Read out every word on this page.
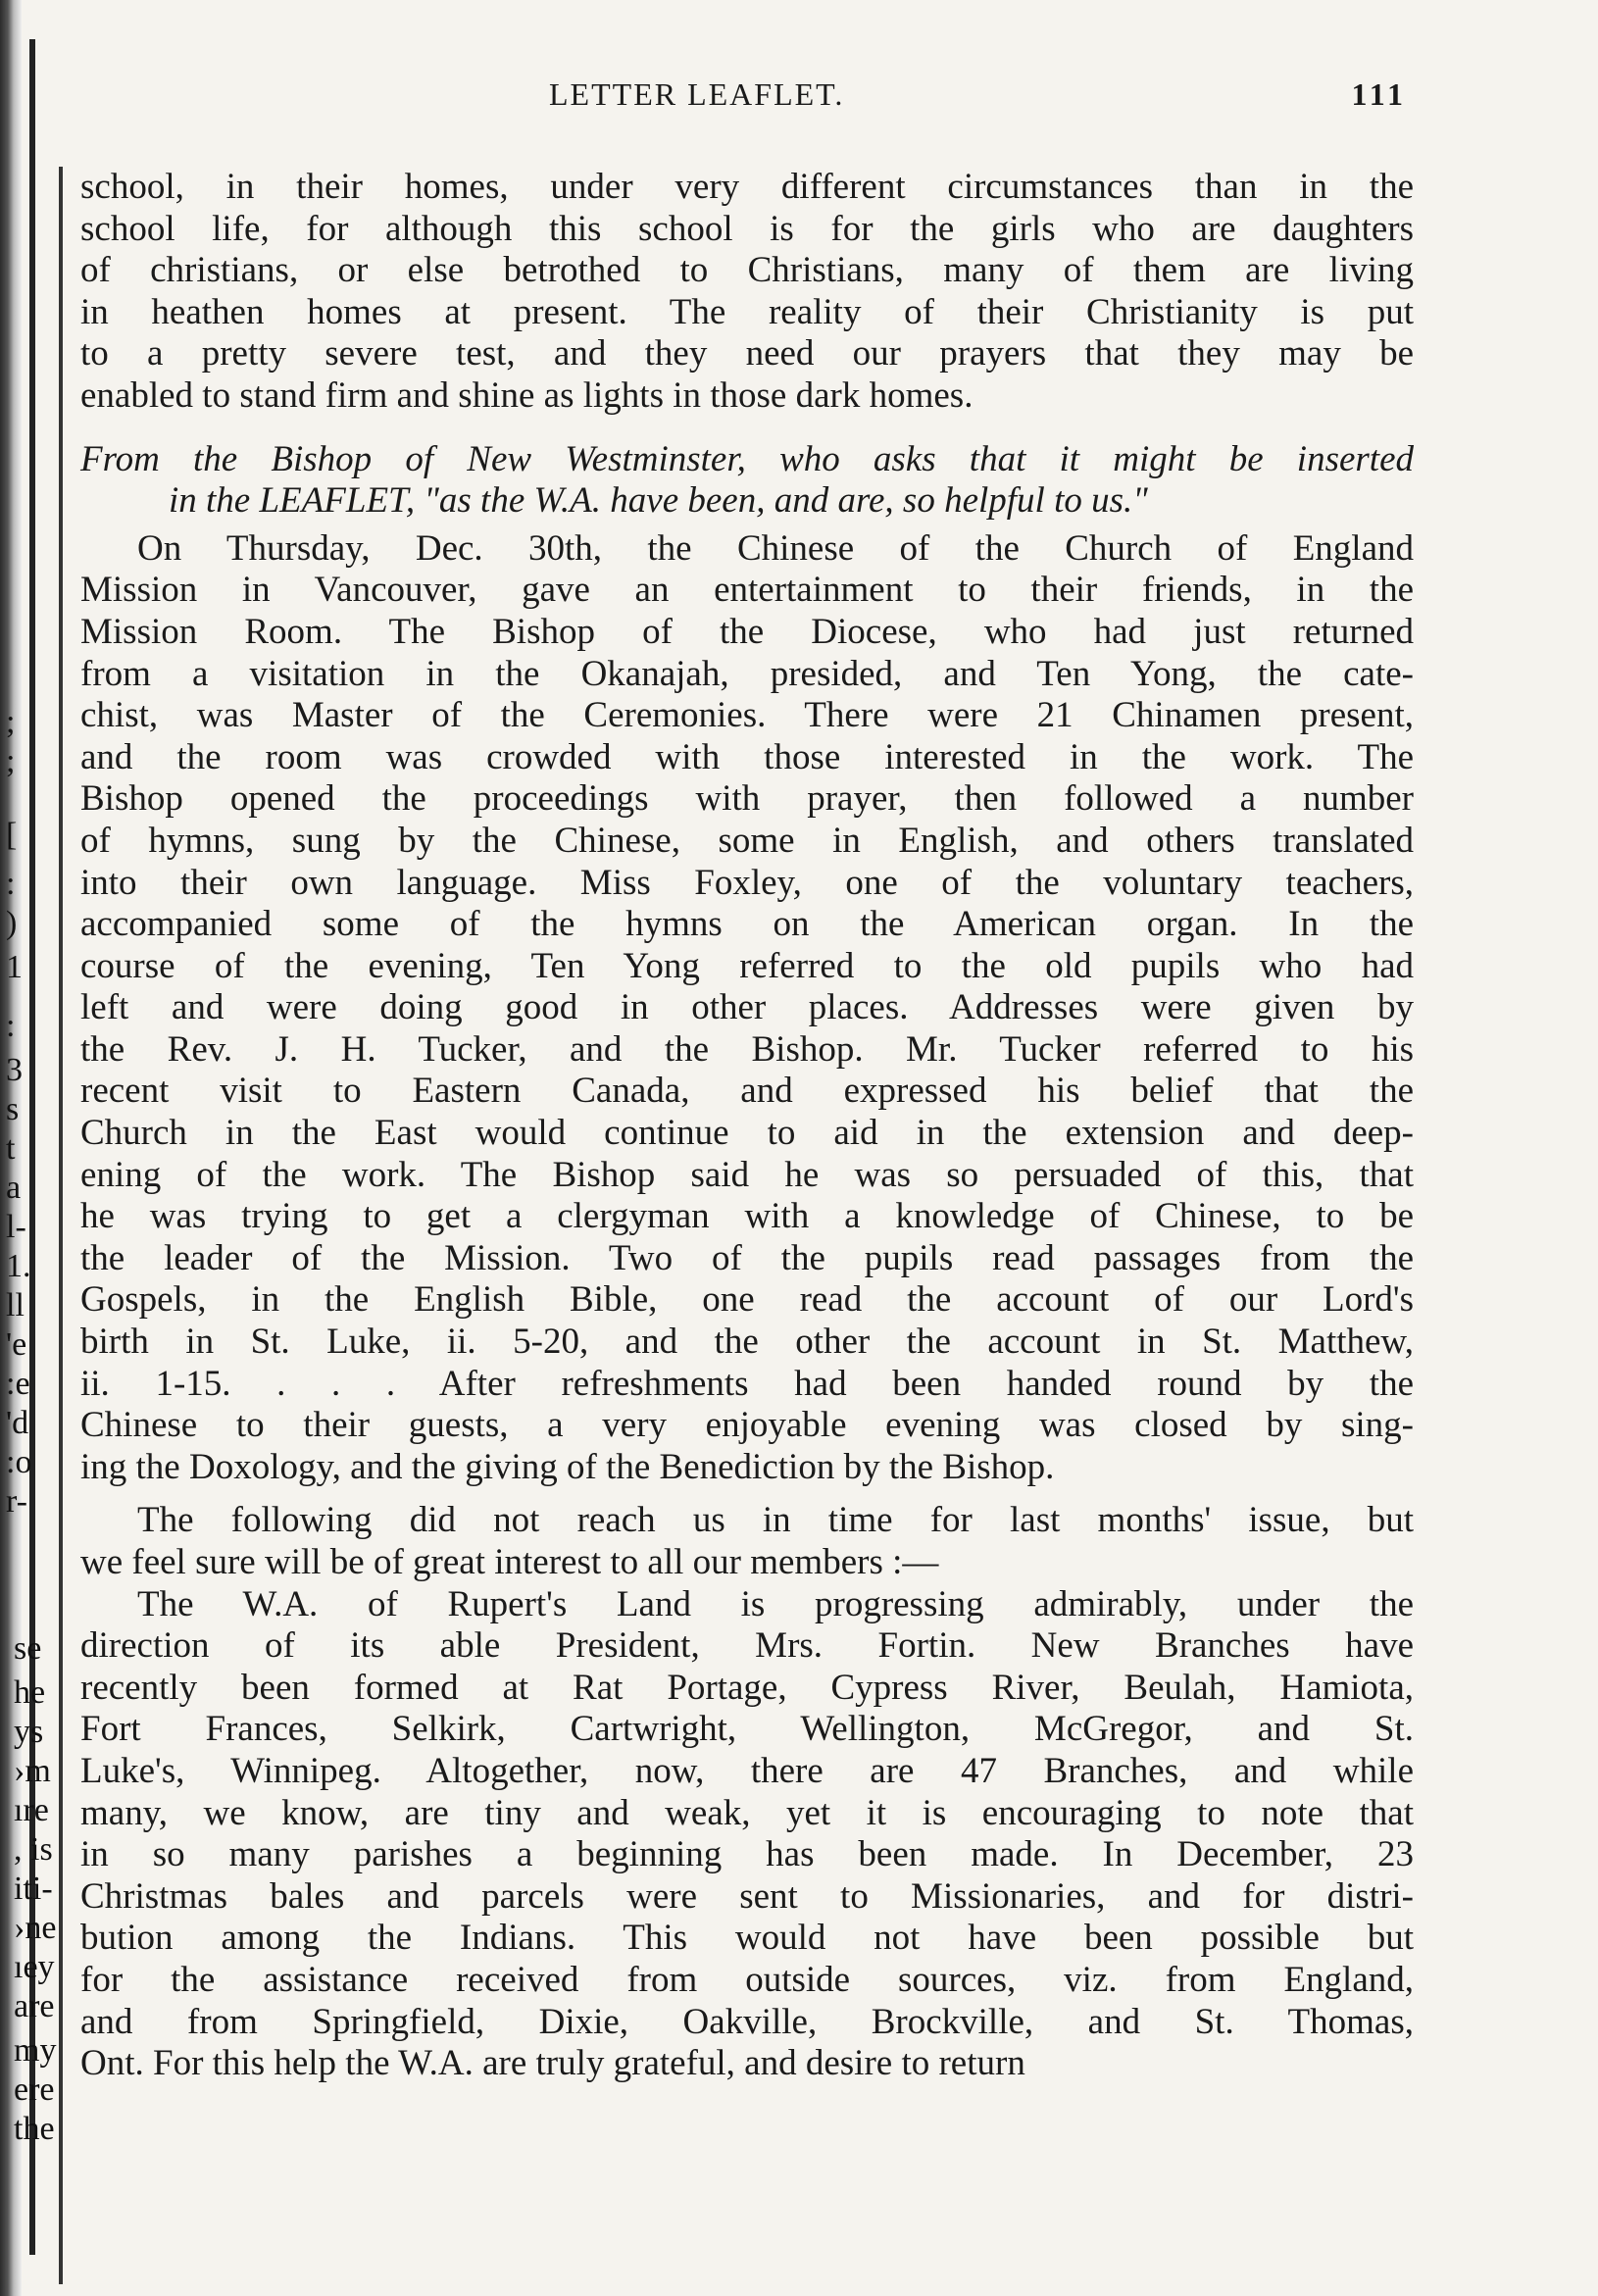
;
;
[
:
)
1
:
3
s
t
a
l-
1.
ll
'e
:e
'd
:o
r-
se
he
ys
›m
ıre
, is
iti-
›ne
ıey
are
my
ere
the
LETTER LEAFLET.	111
school, in their homes, under very different circumstances than in the
school life, for although this school is for the girls who are daughters
of christians, or else betrothed to Christians, many of them are living
in heathen homes at present. The reality of their Christianity is put
to a pretty severe test, and they need our prayers that they may be
enabled to stand firm and shine as lights in those dark homes.
From the Bishop of New Westminster, who asks that it might be inserted
in the LEAFLET, "as the W.A. have been, and are, so helpful to us."
On Thursday, Dec. 30th, the Chinese of the Church of England
Mission in Vancouver, gave an entertainment to their friends, in the
Mission Room. The Bishop of the Diocese, who had just returned
from a visitation in the Okanajah, presided, and Ten Yong, the cate-
chist, was Master of the Ceremonies. There were 21 Chinamen present,
and the room was crowded with those interested in the work. The
Bishop opened the proceedings with prayer, then followed a number
of hymns, sung by the Chinese, some in English, and others translated
into their own language. Miss Foxley, one of the voluntary teachers,
accompanied some of the hymns on the American organ. In the
course of the evening, Ten Yong referred to the old pupils who had
left and were doing good in other places. Addresses were given by
the Rev. J. H. Tucker, and the Bishop. Mr. Tucker referred to his
recent visit to Eastern Canada, and expressed his belief that the
Church in the East would continue to aid in the extension and deep-
ening of the work. The Bishop said he was so persuaded of this, that
he was trying to get a clergyman with a knowledge of Chinese, to be
the leader of the Mission. Two of the pupils read passages from the
Gospels, in the English Bible, one read the account of our Lord's
birth in St. Luke, ii. 5-20, and the other the account in St. Matthew,
ii. 1-15. . . . After refreshments had been handed round by the
Chinese to their guests, a very enjoyable evening was closed by sing-
ing the Doxology, and the giving of the Benediction by the Bishop.
The following did not reach us in time for last months' issue, but
we feel sure will be of great interest to all our members :—
The W.A. of Rupert's Land is progressing admirably, under the
direction of its able President, Mrs. Fortin. New Branches have
recently been formed at Rat Portage, Cypress River, Beulah, Hamiota,
Fort Frances, Selkirk, Cartwright, Wellington, McGregor, and St.
Luke's, Winnipeg. Altogether, now, there are 47 Branches, and while
many, we know, are tiny and weak, yet it is encouraging to note that
in so many parishes a beginning has been made. In December, 23
Christmas bales and parcels were sent to Missionaries, and for distri-
bution among the Indians. This would not have been possible but
for the assistance received from outside sources, viz. from England,
and from Springfield, Dixie, Oakville, Brockville, and St. Thomas,
Ont. For this help the W.A. are truly grateful, and desire to return
